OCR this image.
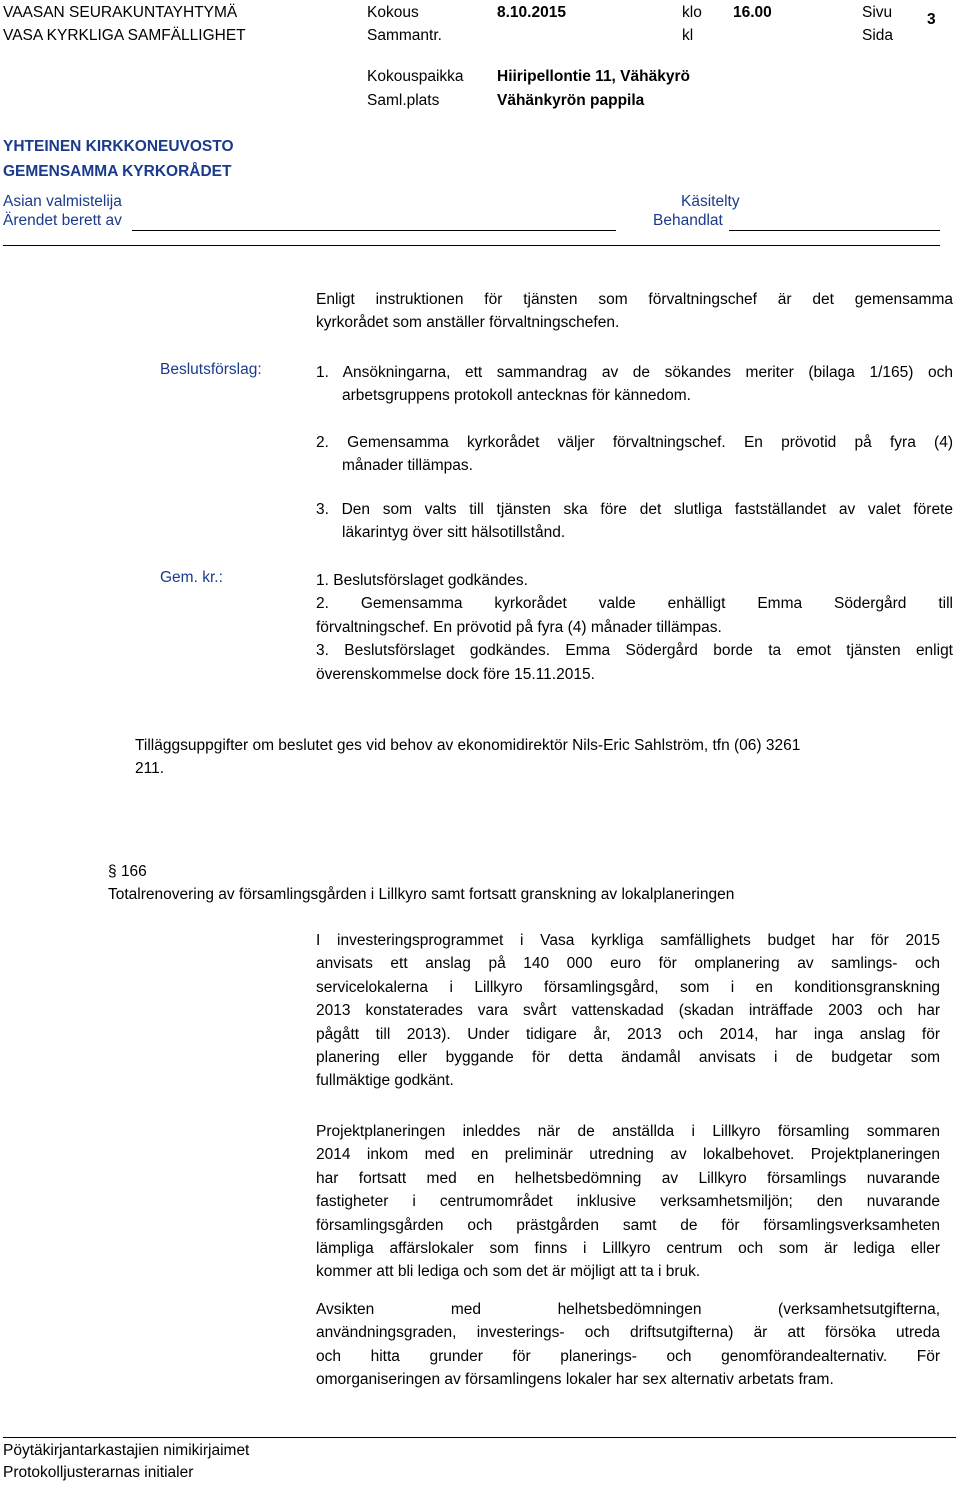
VAASAN SEURAKUNTAYHTYMÄ
VASA KYRKLIGA SAMFÄLLIGHET
Kokous
Sammantr.
8.10.2015	klo
kl
16.00	Sivu
Sida
3
Kokouspaikka
Saml.plats
Hiiripellontie 11, Vähäkyrö
Vähänkyrön pappila
YHTEINEN KIRKKONEUVOSTO
GEMENSAMMA KYRKORÅDET
Asian valmistelija
Ärendet berett av
Käsitelty
Behandlat
Enligt instruktionen för tjänsten som förvaltningschef är det gemensamma
kyrkorådet som anställer förvaltningschefen.
Beslutsförslag:	1. Ansökningarna, ett sammandrag av de sökandes meriter (bilaga 1/165) och
arbetsgruppens protokoll antecknas för kännedom.
2. Gemensamma kyrkorådet väljer förvaltningschef. En prövotid på fyra (4)
månader tillämpas.
3. Den som valts till tjänsten ska före det slutliga fastställandet av valet förete
läkarintyg över sitt hälsotillstånd.
Gem. kr.:	1. Beslutsförslaget godkändes.
2. Gemensamma kyrkorådet valde enhälligt Emma Södergård till
förvaltningschef. En prövotid på fyra (4) månader tillämpas.
3. Beslutsförslaget godkändes. Emma Södergård borde ta emot tjänsten enligt
överenskommelse dock före 15.11.2015.
Tilläggsuppgifter om beslutet ges vid behov av ekonomidirektör Nils-Eric Sahlström, tfn (06) 3261
211.
§ 166
Totalrenovering av församlingsgården i Lillkyro samt fortsatt granskning av lokalplaneringen
I investeringsprogrammet i Vasa kyrkliga samfällighets budget har för 2015
anvisats ett anslag på 140 000 euro för omplanering av samlings- och
servicelokalerna i Lillkyro församlingsgård, som i en konditionsgranskning
2013 konstaterades vara svårt vattenskadad (skadan inträffade 2003 och har
pågått till 2013). Under tidigare år, 2013 och 2014, har inga anslag för
planering eller byggande för detta ändamål anvisats i de budgetar som
fullmäktige godkänt.
Projektplaneringen inleddes när de anställda i Lillkyro församling sommaren
2014 inkom med en preliminär utredning av lokalbehovet. Projektplaneringen
har fortsatt med en helhetsbedömning av Lillkyro församlings nuvarande
fastigheter i centrumområdet inklusive verksamhetsmiljön; den nuvarande
församlingsgården och prästgården samt de för församlingsverksamheten
lämpliga affärslokaler som finns i Lillkyro centrum och som är lediga eller
kommer att bli lediga och som det är möjligt att ta i bruk.
Avsikten med helhetsbedömningen (verksamhetsutgifterna,
användningsgraden, investerings- och driftsutgifterna) är att försöka utreda
och hitta grunder för planerings- och genomförandealternativ. För
omorganiseringen av församlingens lokaler har sex alternativ arbetats fram.
Pöytäkirjantarkastajien nimikirjaimet
Protokolljusterarnas initialer
